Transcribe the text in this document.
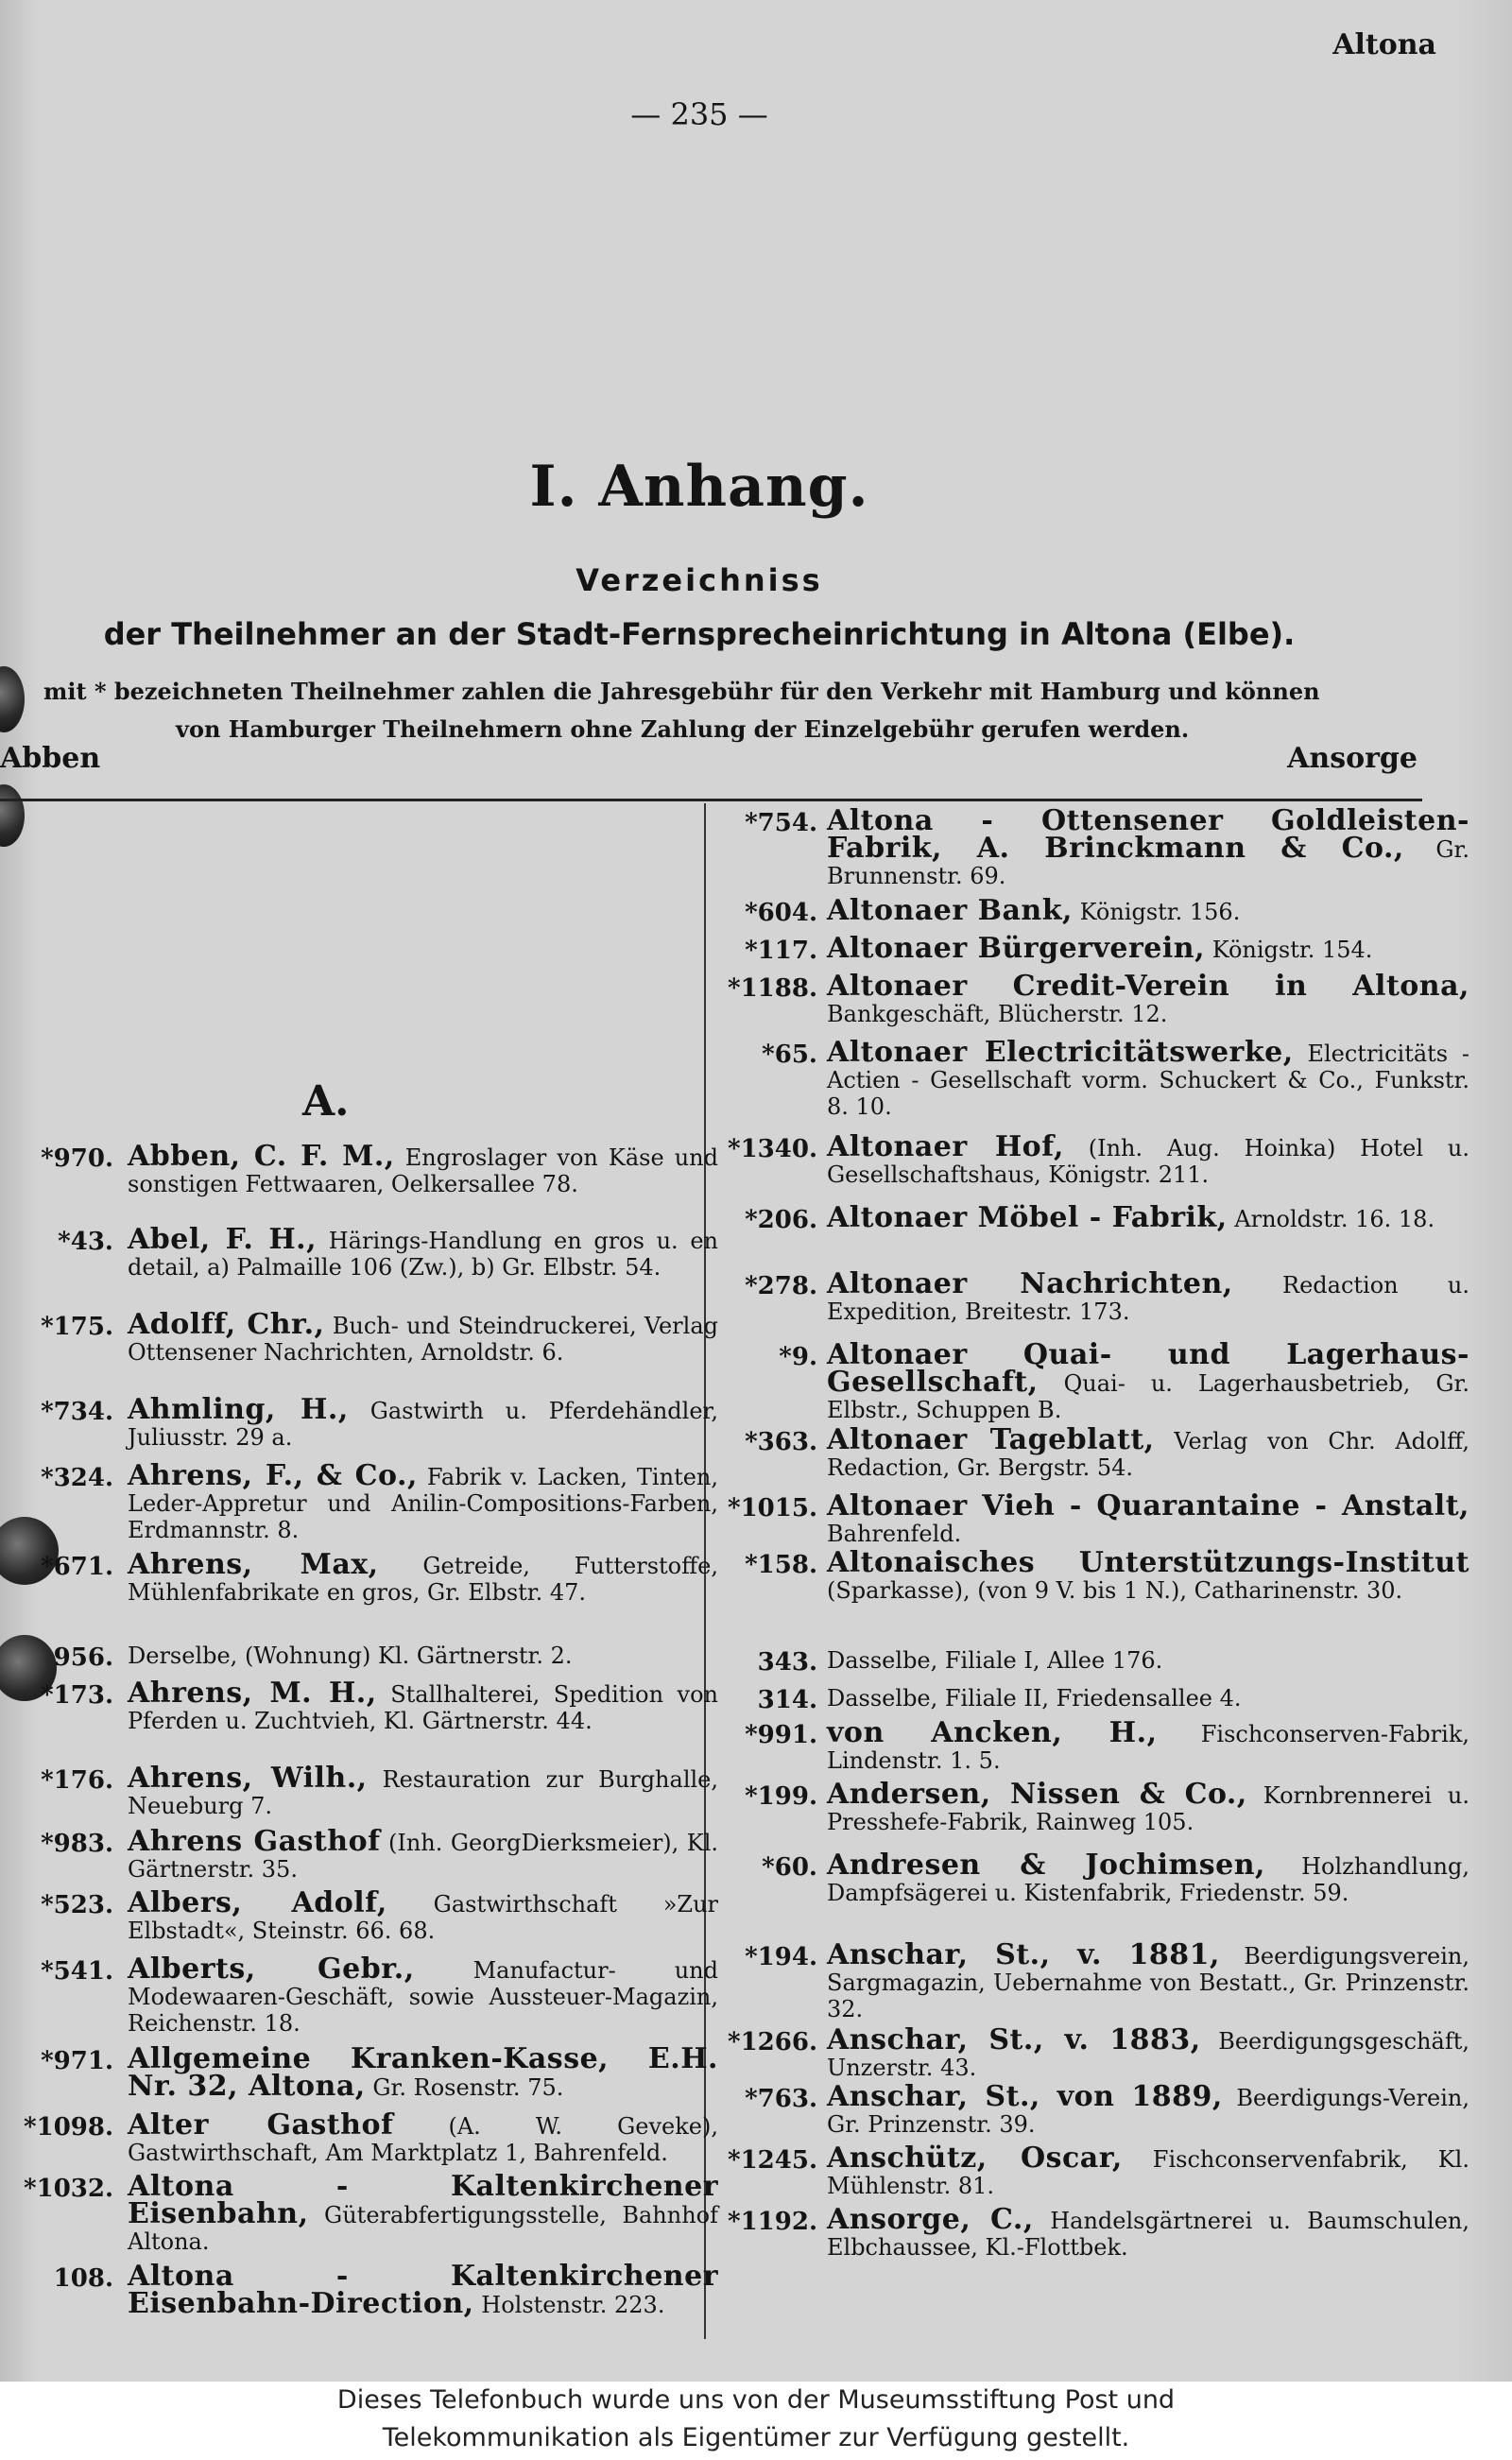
Altona
— 235 —
I. Anhang.
Verzeichniss
der Theilnehmer an der Stadt-Fernsprecheinrichtung in Altona (Elbe).
mit * bezeichneten Theilnehmer zahlen die Jahresgebühr für den Verkehr mit Hamburg und können
von Hamburger Theilnehmern ohne Zahlung der Einzelgebühr gerufen werden.
Abben	Ansorge
A.
*970. Abben, C. F. M., Engroslager von Käse und sonstigen Fettwaaren, Oelkersallee 78.
*43. Abel, F. H., Härings-Handlung en gros u. en detail, a) Palmaille 106 (Zw.), b) Gr. Elbstr. 54.
*175. Adolff, Chr., Buch- und Steindruckerei, Verlag Ottensener Nachrichten, Arnoldstr. 6.
*734. Ahmling, H., Gastwirth u. Pferdehändler, Juliusstr. 29 a.
*324. Ahrens, F., & Co., Fabrik v. Lacken, Tinten, Leder-Appretur und Anilin-Compositions-Farben, Erdmannstr. 8.
*671. Ahrens, Max, Getreide, Futterstoffe, Mühlenfabrikate en gros, Gr. Elbstr. 47.
956. Derselbe, (Wohnung) Kl. Gärtnerstr. 2.
*173. Ahrens, M. H., Stallhalterei, Spedition von Pferden u. Zuchtvieh, Kl. Gärtnerstr. 44.
*176. Ahrens, Wilh., Restauration zur Burghalle, Neueburg 7.
*983. Ahrens Gasthof (Inh. GeorgDierksmeier), Kl. Gärtnerstr. 35.
*523. Albers, Adolf, Gastwirthschaft »Zur Elbstadt«, Steinstr. 66. 68.
*541. Alberts, Gebr.,	Manufactur- und Modewaaren-Geschäft, sowie Aussteuer-Magazin, Reichenstr. 18.
*971. Allgemeine Kranken-Kasse, E.H. Nr. 32, Altona, Gr. Rosenstr. 75.
*1098. Alter Gasthof (A. W. Geveke), Gastwirthschaft, Am Marktplatz 1, Bahrenfeld.
*1032. Altona - Kaltenkirchener Eisenbahn, Güterabfertigungsstelle, Bahnhof Altona.
108. Altona - Kaltenkirchener Eisenbahn-Direction, Holstenstr. 223.
*754. Altona - Ottensener Goldleisten-Fabrik, A. Brinckmann & Co., Gr. Brunnenstr. 69.
*604. Altonaer Bank, Königstr. 156.
*117. Altonaer Bürgerverein, Königstr. 154.
*1188. Altonaer Credit-Verein in Altona, Bankgeschäft, Blücherstr. 12.
*65. Altonaer Electricitätswerke, Electricitäts - Actien - Gesellschaft vorm. Schuckert & Co., Funkstr. 8. 10.
*1340. Altonaer Hof, (Inh. Aug. Hoinka) Hotel u. Gesellschaftshaus, Königstr. 211.
*206. Altonaer Möbel - Fabrik, Arnoldstr. 16. 18.
*278. Altonaer Nachrichten, Redaction u. Expedition, Breitestr. 173.
*9. Altonaer Quai- und Lagerhaus-Gesellschaft, Quai- u. Lagerhausbetrieb, Gr. Elbstr., Schuppen B.
*363. Altonaer Tageblatt, Verlag von Chr. Adolff, Redaction, Gr. Bergstr. 54.
*1015. Altonaer Vieh - Quarantaine - Anstalt, Bahrenfeld.
*158. Altonaisches Unterstützungs-Institut (Sparkasse), (von 9 V. bis 1 N.), Catharinenstr. 30.
343. Dasselbe, Filiale I, Allee 176.
314. Dasselbe, Filiale II, Friedensallee 4.
*991. von Ancken, H., Fischconserven-Fabrik, Lindenstr. 1. 5.
*199. Andersen, Nissen & Co., Kornbrennerei u. Presshefe-Fabrik, Rainweg 105.
*60. Andresen & Jochimsen, Holzhandlung, Dampfsägerei u. Kistenfabrik, Friedenstr. 59.
*194. Anschar, St., v. 1881, Beerdigungsverein, Sargmagazin, Uebernahme von Bestatt., Gr. Prinzenstr. 32.
*1266. Anschar, St., v. 1883, Beerdigungsgeschäft, Unzerstr. 43.
*763. Anschar, St., von 1889, Beerdigungs-Verein, Gr. Prinzenstr. 39.
*1245. Anschütz, Oscar, Fischconservenfabrik, Kl. Mühlenstr. 81.
*1192. Ansorge, C., Handelsgärtnerei u. Baumschulen, Elbchaussee, Kl.-Flottbek.
Dieses Telefonbuch wurde uns von der Museumsstiftung Post und
Telekommunikation als Eigentümer zur Verfügung gestellt.
